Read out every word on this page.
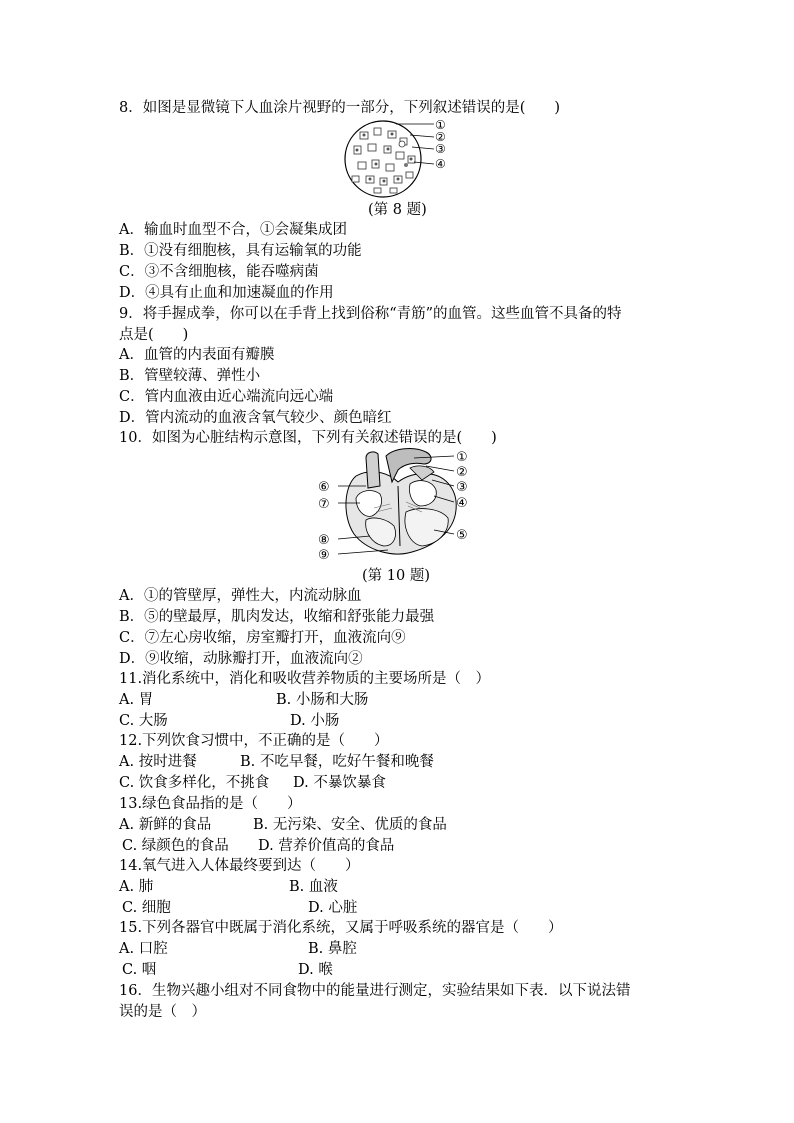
8．如图是显微镜下人血涂片视野的一部分，下列叙述错误的是(　　)
①
②
③
④
(第 8 题)
A．输血时血型不合，①会凝集成团
B．①没有细胞核，具有运输氧的功能
C．③不含细胞核，能吞噬病菌
D．④具有止血和加速凝血的作用
9．将手握成拳，你可以在手背上找到俗称“青筋”的血管。这些血管不具备的特
点是(　　)
A．血管的内表面有瓣膜
B．管壁较薄、弹性小
C．管内血液由近心端流向远心端
D．管内流动的血液含氧气较少、颜色暗红
10．如图为心脏结构示意图，下列有关叙述错误的是(　　)
①
②
③
④
⑤
⑥
⑦
⑧
⑨
(第 10 题)
A．①的管壁厚，弹性大，内流动脉血
B．⑤的壁最厚，肌肉发达，收缩和舒张能力最强
C．⑦左心房收缩，房室瓣打开，血液流向⑨
D．⑨收缩，动脉瓣打开，血液流向②
11.消化系统中，消化和吸收营养物质的主要场所是（　）
A. 胃	B. 小肠和大肠
C. 大肠	D. 小肠
12.下列饮食习惯中，不正确的是（　　）
A. 按时进餐	B. 不吃早餐，吃好午餐和晚餐
C. 饮食多样化，不挑食 D. 不暴饮暴食
13.绿色食品指的是（　　）
A. 新鲜的食品	B. 无污染、安全、优质的食品
C. 绿颜色的食品 D. 营养价值高的食品
14.氧气进入人体最终要到达（　　）
A. 肺	B. 血液
C. 细胞	D. 心脏
15.下列各器官中既属于消化系统，又属于呼吸系统的器官是（　　）
A. 口腔	B. 鼻腔
C. 咽	D. 喉
16．生物兴趣小组对不同食物中的能量进行测定，实验结果如下表．以下说法错
误的是（　）
